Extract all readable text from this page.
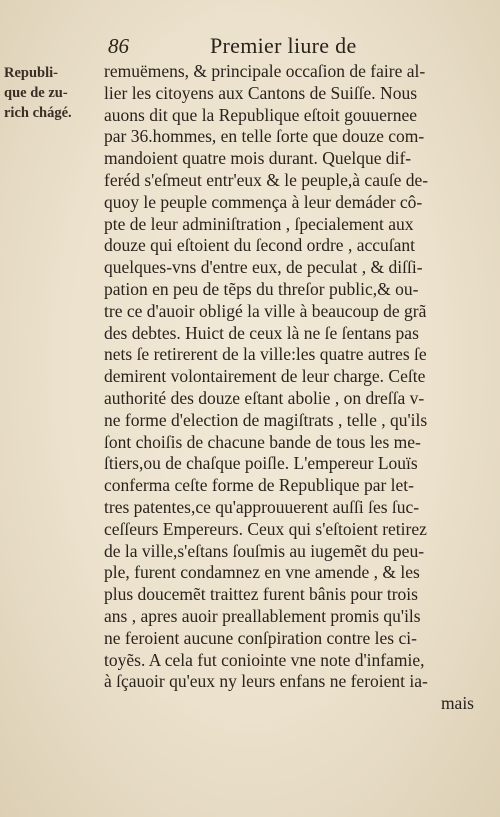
86	Premier liure de
Republi-
que de zu-
rich chágé.
remuëmens, & principale occaſion de faire al-
lier les citoyens aux Cantons de Suiſſe. Nous
auons dit que la Republique eſtoit gouuernee
par 36.hommes, en telle ſorte que douze com-
mandoient quatre mois durant. Quelque dif-
feréd s'eſmeut entr'eux & le peuple,à cauſe de-
quoy le peuple commença à leur demáder cô-
pte de leur adminiſtration , ſpecialement aux
douze qui eſtoient du ſecond ordre , accuſant
quelques-vns d'entre eux, de peculat , & diſſi-
pation en peu de tẽps du threſor public,& ou-
tre ce d'auoir obligé la ville à beaucoup de grã
des debtes. Huict de ceux là ne ſe ſentans pas
nets ſe retirerent de la ville:les quatre autres ſe
demirent volontairement de leur charge. Ceſte
authorité des douze eſtant abolie , on dreſſa v-
ne forme d'election de magiſtrats , telle , qu'ils
ſont choiſis de chacune bande de tous les me-
ſtiers,ou de chaſque poiſle. L'empereur Louïs
conferma ceſte forme de Republique par let-
tres patentes,ce qu'approuuerent auſſi ſes ſuc-
ceſſeurs Empereurs. Ceux qui s'eſtoient retirez
de la ville,s'eſtans ſouſmis au iugemẽt du peu-
ple, furent condamnez en vne amende , & les
plus doucemẽt traittez furent bânis pour trois
ans , apres auoir preallablement promis qu'ils
ne feroient aucune conſpiration contre les ci-
toyẽs. A cela fut coniointe vne note d'infamie,
à ſçauoir qu'eux ny leurs enfans ne feroient ia-
mais
